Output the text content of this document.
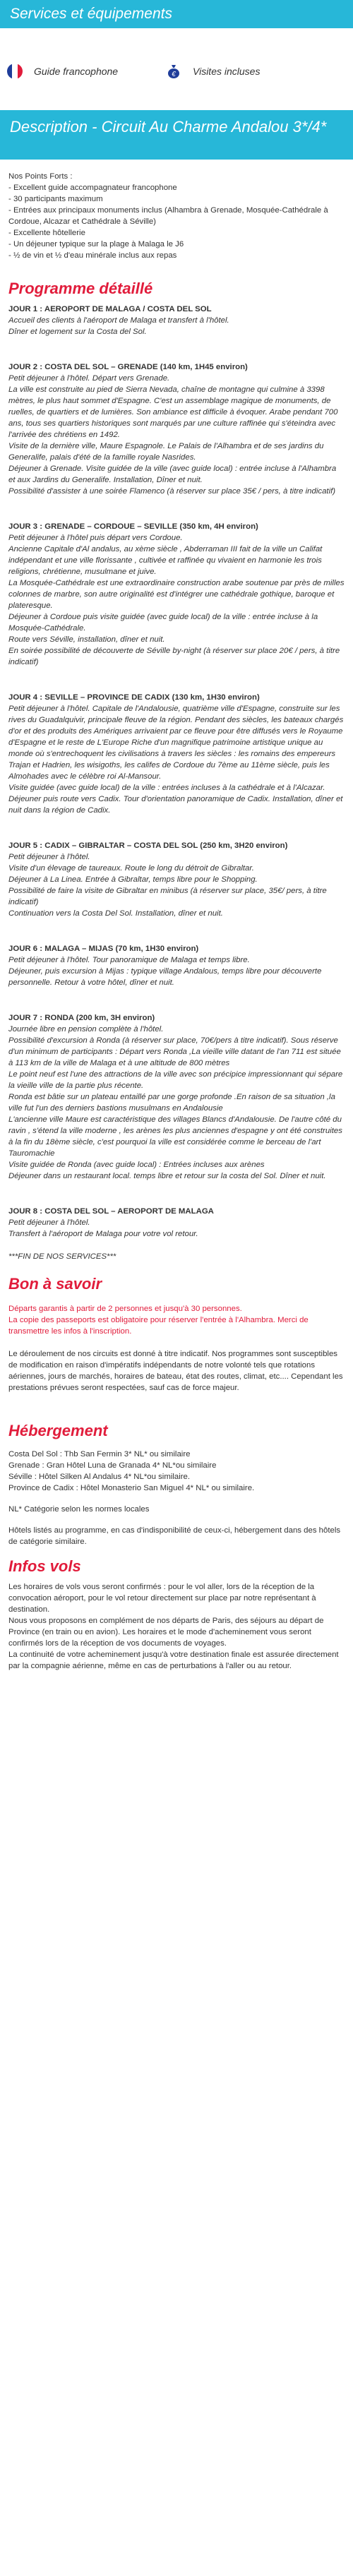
Services et équipements
Guide francophone	€ Visites incluses
Description - Circuit Au Charme Andalou 3*/4*

Nos Points Forts :

- Excellent guide accompagnateur francophone

- 30 participants maximum

- Entrées aux principaux monuments inclus (Alhambra à Grenade, Mosquée-Cathédrale à Cordoue, Alcazar et Cathédrale à Séville)

- Excellente hôtellerie

- Un déjeuner typique sur la plage à Malaga le J6

- ½ de vin et ½ d'eau minérale inclus aux repas

Programme détaillé

JOUR 1 : AEROPORT DE MALAGA / COSTA DEL SOL

Accueil des clients à l'aéroport de Malaga et transfert à l'hôtel.

Dîner et logement sur la Costa del Sol.

JOUR 2 : COSTA DEL SOL – GRENADE (140 km, 1H45 environ)

Petit déjeuner à l'hôtel. Départ vers Grenade.

La ville est construite au pied de Sierra Nevada, chaîne de montagne qui culmine à 3398 mètres, le plus haut sommet d'Espagne. C'est un assemblage magique de monuments, de ruelles, de quartiers et de lumières. Son ambiance est difficile à évoquer. Arabe pendant 700 ans, tous ses quartiers historiques sont marqués par une culture raffinée qui s'éteindra avec l'arrivée des chrétiens en 1492.

Visite de la dernière ville, Maure Espagnole. Le Palais de l'Alhambra et de ses jardins du Generalife, palais d'été de la famille royale Nasrides.

Déjeuner à Grenade. Visite guidée de la ville (avec guide local) : entrée incluse à l'Alhambra et aux Jardins du Generalife. Installation, Dîner et nuit.

Possibilité d'assister à une soirée Flamenco (à réserver sur place 35€ / pers, à titre indicatif)

JOUR 3 : GRENADE – CORDOUE – SEVILLE (350 km, 4H environ)

Petit déjeuner à l'hôtel puis départ vers Cordoue.

Ancienne Capitale d'Al andalus, au xème siècle , Abderraman III fait de la ville un Califat indépendant et une ville florissante , cultivée et raffinée qu vivaient en harmonie les trois religions, chrétienne, musulmane et juive.

La Mosquée-Cathédrale est une extraordinaire construction arabe soutenue par près de milles colonnes de marbre, son autre originalité est d'intégrer une cathédrale gothique, baroque et plateresque.

Déjeuner à Cordoue puis visite guidée (avec guide local) de la ville : entrée incluse à la Mosquée-Cathédrale.

Route vers Séville, installation, dîner et nuit.

En soirée possibilité de découverte de Séville by-night (à réserver sur place 20€ / pers, à titre indicatif)

JOUR 4 : SEVILLE – PROVINCE DE CADIX (130 km, 1H30 environ)

Petit déjeuner à l'hôtel. Capitale de l'Andalousie, quatrième ville d'Espagne, construite sur les rives du Guadalquivir, principale fleuve de la région. Pendant des siècles, les bateaux chargés d'or et des produits des Amériques arrivaient par ce fleuve pour être diffusés vers le Royaume d'Espagne et le reste de L'Europe Riche d'un magnifique patrimoine artistique unique au monde où s'entrechoquent les civilisations à travers les siècles : les romains des empereurs Trajan et Hadrien, les wisigoths, les califes de Cordoue du 7ème au 11ème siècle, puis les Almohades avec le célèbre roi Al-Mansour.

Visite guidée (avec guide local) de la ville : entrées incluses à la cathédrale et à l'Alcazar.

Déjeuner puis route vers Cadix. Tour d'orientation panoramique de Cadix. Installation, dîner et nuit dans la région de Cadix.

JOUR 5 : CADIX – GIBRALTAR – COSTA DEL SOL (250 km, 3H20 environ)

Petit déjeuner à l'hôtel.

Visite d'un élevage de taureaux. Route le long du détroit de Gibraltar.

Déjeuner à La Linea. Entrée à Gibraltar, temps libre pour le Shopping.

Possibilité de faire la visite de Gibraltar en minibus (à réserver sur place, 35€/ pers, à titre indicatif)

Continuation vers la Costa Del Sol. Installation, dîner et nuit.

JOUR 6 : MALAGA – MIJAS (70 km, 1H30 environ)

Petit déjeuner à l'hôtel. Tour panoramique de Malaga et temps libre.

Déjeuner, puis excursion à Mijas : typique village Andalous, temps libre pour découverte personnelle. Retour à votre hôtel, dîner et nuit.

JOUR 7 : RONDA (200 km, 3H environ)

Journée libre en pension complète à l'hôtel.

Possibilité d'excursion à Ronda (à réserver sur place, 70€/pers à titre indicatif). Sous réserve d'un minimum de participants : Départ vers Ronda ,La vieille ville datant de l'an 711 est située à 113 km de la ville de Malaga et à une altitude de 800 mètres

Le point neuf est l'une des attractions de la ville avec son précipice impressionnant qui sépare la vieille ville de la partie plus récente.

Ronda est bâtie sur un plateau entaillé par une gorge profonde .En raison de sa situation ,la ville fut l'un des derniers bastions musulmans en Andalousie

L'ancienne ville Maure est caractéristique des villages Blancs d'Andalousie. De l'autre côté du ravin , s'étend la ville moderne , les arènes les plus anciennes d'espagne y ont été construites à la fin du 18ème siècle, c'est pourquoi la ville est considérée comme le berceau de l'art Tauromachie

Visite guidée de Ronda (avec guide local) : Entrées incluses aux arènes

Déjeuner dans un restaurant local. temps libre et retour sur la costa del Sol. Dîner et nuit.

JOUR 8 : COSTA DEL SOL – AEROPORT DE MALAGA

Petit déjeuner à l'hôtel.

Transfert à l'aéroport de Malaga pour votre vol retour.

***FIN DE NOS SERVICES***

Bon à savoir

Départs garantis à partir de 2 personnes et jusqu'à 30 personnes.

La copie des passeports est obligatoire pour réserver l'entrée à l'Alhambra. Merci de transmettre les infos à l'inscription.

Le déroulement de nos circuits est donné à titre indicatif. Nos programmes sont susceptibles de modification en raison d'impératifs indépendants de notre volonté tels que rotations aériennes, jours de marchés, horaires de bateau, état des routes, climat, etc.... Cependant les prestations prévues seront respectées, sauf cas de force majeur.

Hébergement

Costa Del Sol : Thb San Fermin 3* NL* ou similaire

Grenade : Gran Hôtel Luna de Granada 4* NL*ou similaire

Séville : Hôtel Silken Al Andalus 4* NL*ou similaire.

Province de Cadix : Hôtel Monasterio San Miguel 4* NL* ou similaire.

NL* Catégorie selon les normes locales

Hôtels listés au programme, en cas d'indisponibilité de ceux-ci, hébergement dans des hôtels de catégorie similaire.

Infos vols

Les horaires de vols vous seront confirmés : pour le vol aller, lors de la réception de la convocation aéroport, pour le vol retour directement sur place par notre représentant à destination.

Nous vous proposons en complément de nos départs de Paris, des séjours au départ de Province (en train ou en avion). Les horaires et le mode d'acheminement vous seront confirmés lors de la réception de vos documents de voyages.

La continuité de votre acheminement jusqu'à votre destination finale est assurée directement par la compagnie aérienne, même en cas de perturbations à l'aller ou au retour.
